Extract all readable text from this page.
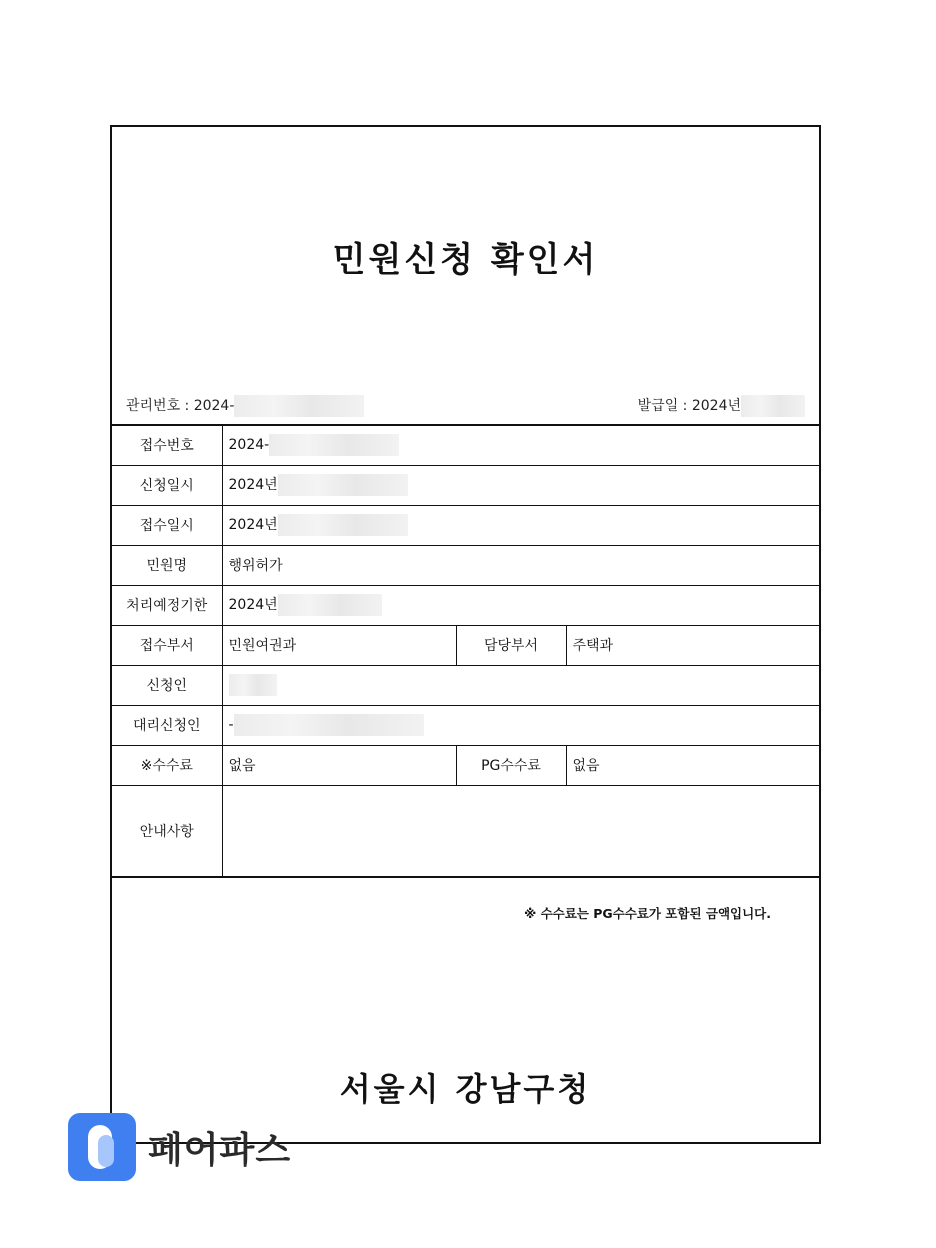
민원신청 확인서
관리번호 : 2024-	발급일 : 2024년
접수번호	2024-		
신청일시	2024년		
접수일시	2024년		
민원명	행위허가		
처리예정기한	2024년		
접수부서	민원여권과	담당부서	주택과
신청인			
대리신청인	-		
※수수료	없음	PG수수료	없음
안내사항			
※ 수수료는 PG수수료가 포함된 금액입니다.
서울시 강남구청
페어파스
